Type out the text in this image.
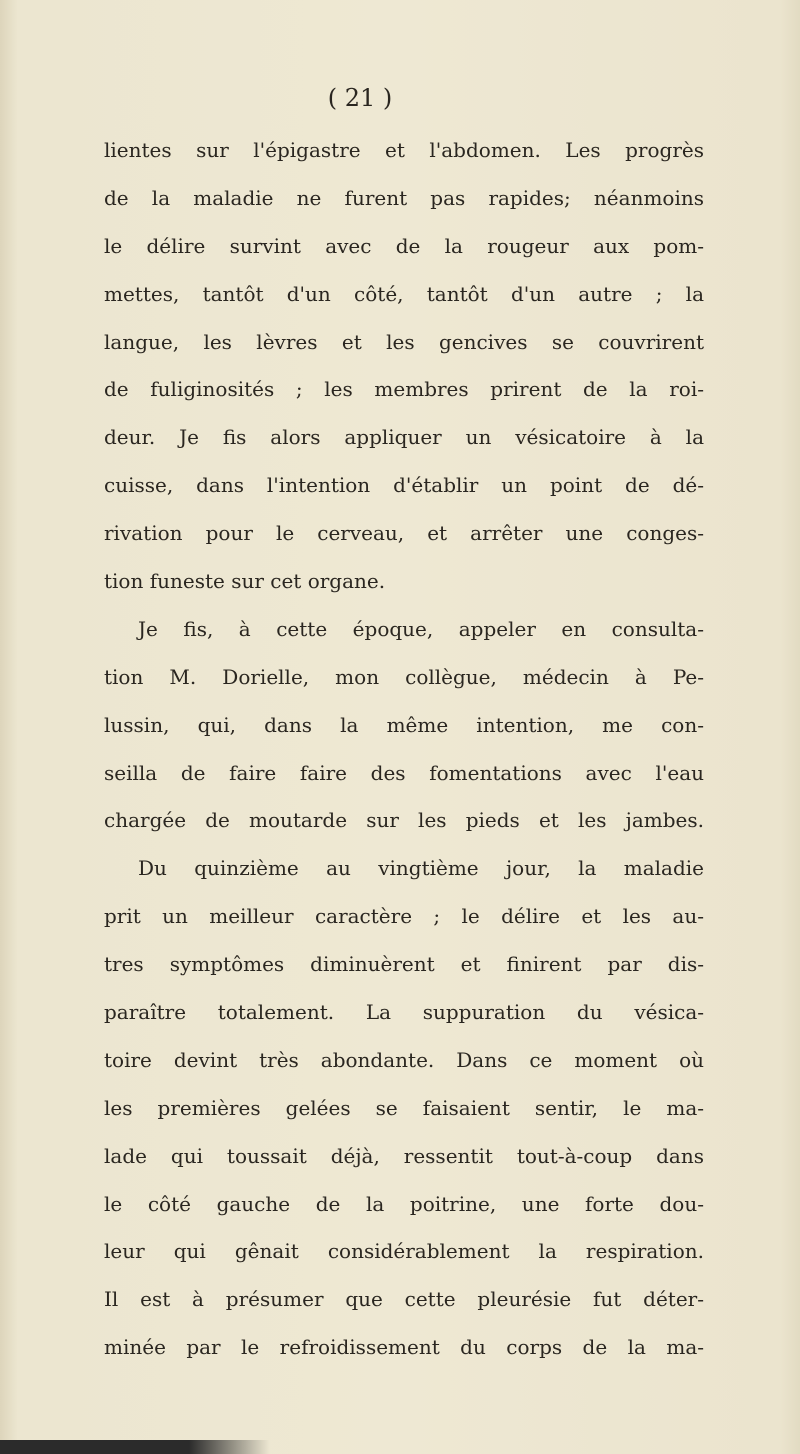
( 21 )
lientes sur l'épigastre et l'abdomen. Les progrès
de la maladie ne furent pas rapides; néanmoins
le délire survint avec de la rougeur aux pom-
mettes, tantôt d'un côté, tantôt d'un autre ; la
langue, les lèvres et les gencives se couvrirent
de fuliginosités ; les membres prirent de la roi-
deur. Je fis alors appliquer un vésicatoire à la
cuisse, dans l'intention d'établir un point de dé-
rivation pour le cerveau, et arrêter une conges-
tion funeste sur cet organe.
Je fis, à cette époque, appeler en consulta-
tion M. Dorielle, mon collègue, médecin à Pe-
lussin, qui, dans la même intention, me con-
seilla de faire faire des fomentations avec l'eau
chargée de moutarde sur les pieds et les jambes.
Du quinzième au vingtième jour, la maladie
prit un meilleur caractère ; le délire et les au-
tres symptômes diminuèrent et finirent par dis-
paraître totalement. La suppuration du vésica-
toire devint très abondante. Dans ce moment où
les premières gelées se faisaient sentir, le ma-
lade qui toussait déjà, ressentit tout-à-coup dans
le côté gauche de la poitrine, une forte dou-
leur qui gênait considérablement la respiration.
Il est à présumer que cette pleurésie fut déter-
minée par le refroidissement du corps de la ma-
